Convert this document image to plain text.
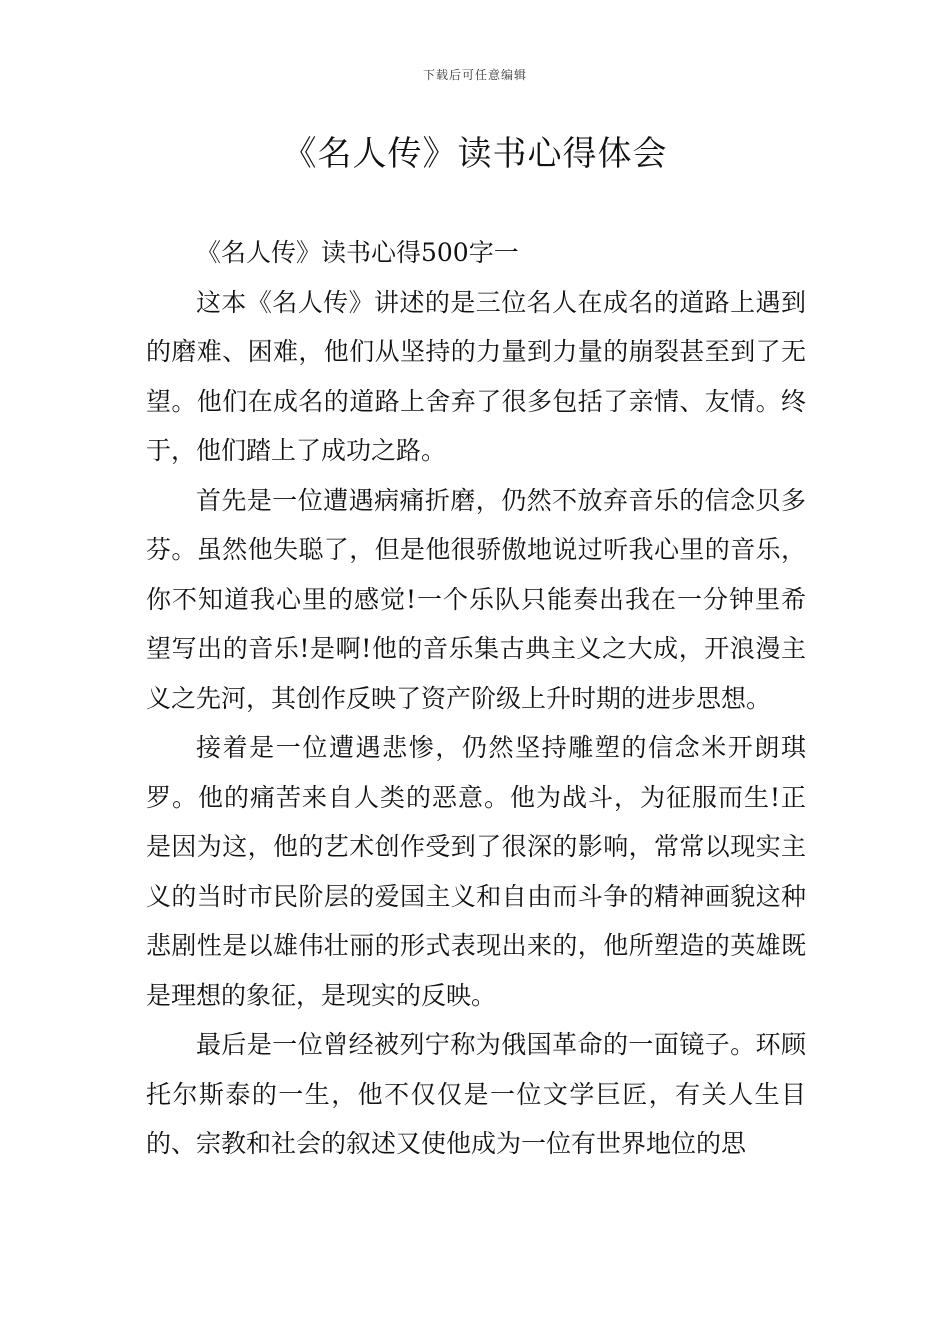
下载后可任意编辑
《名人传》读书心得体会

《名人传》读书心得500字一

这本《名人传》讲述的是三位名人在成名的道路上遇到的磨难、困难，他们从坚持的力量到力量的崩裂甚至到了无望。他们在成名的道路上舍弃了很多包括了亲情、友情。终于，他们踏上了成功之路。

首先是一位遭遇病痛折磨，仍然不放弃音乐的信念贝多芬。虽然他失聪了，但是他很骄傲地说过听我心里的音乐，你不知道我心里的感觉!一个乐队只能奏出我在一分钟里希望写出的音乐!是啊!他的音乐集古典主义之大成，开浪漫主义之先河，其创作反映了资产阶级上升时期的进步思想。

接着是一位遭遇悲惨，仍然坚持雕塑的信念米开朗琪罗。他的痛苦来自人类的恶意。他为战斗，为征服而生!正是因为这，他的艺术创作受到了很深的影响，常常以现实主义的当时市民阶层的爱国主义和自由而斗争的精神画貌这种悲剧性是以雄伟壮丽的形式表现出来的，他所塑造的英雄既是理想的象征，是现实的反映。

最后是一位曾经被列宁称为俄国革命的一面镜子。环顾托尔斯泰的一生，他不仅仅是一位文学巨匠，有关人生目的、宗教和社会的叙述又使他成为一位有世界地位的思
